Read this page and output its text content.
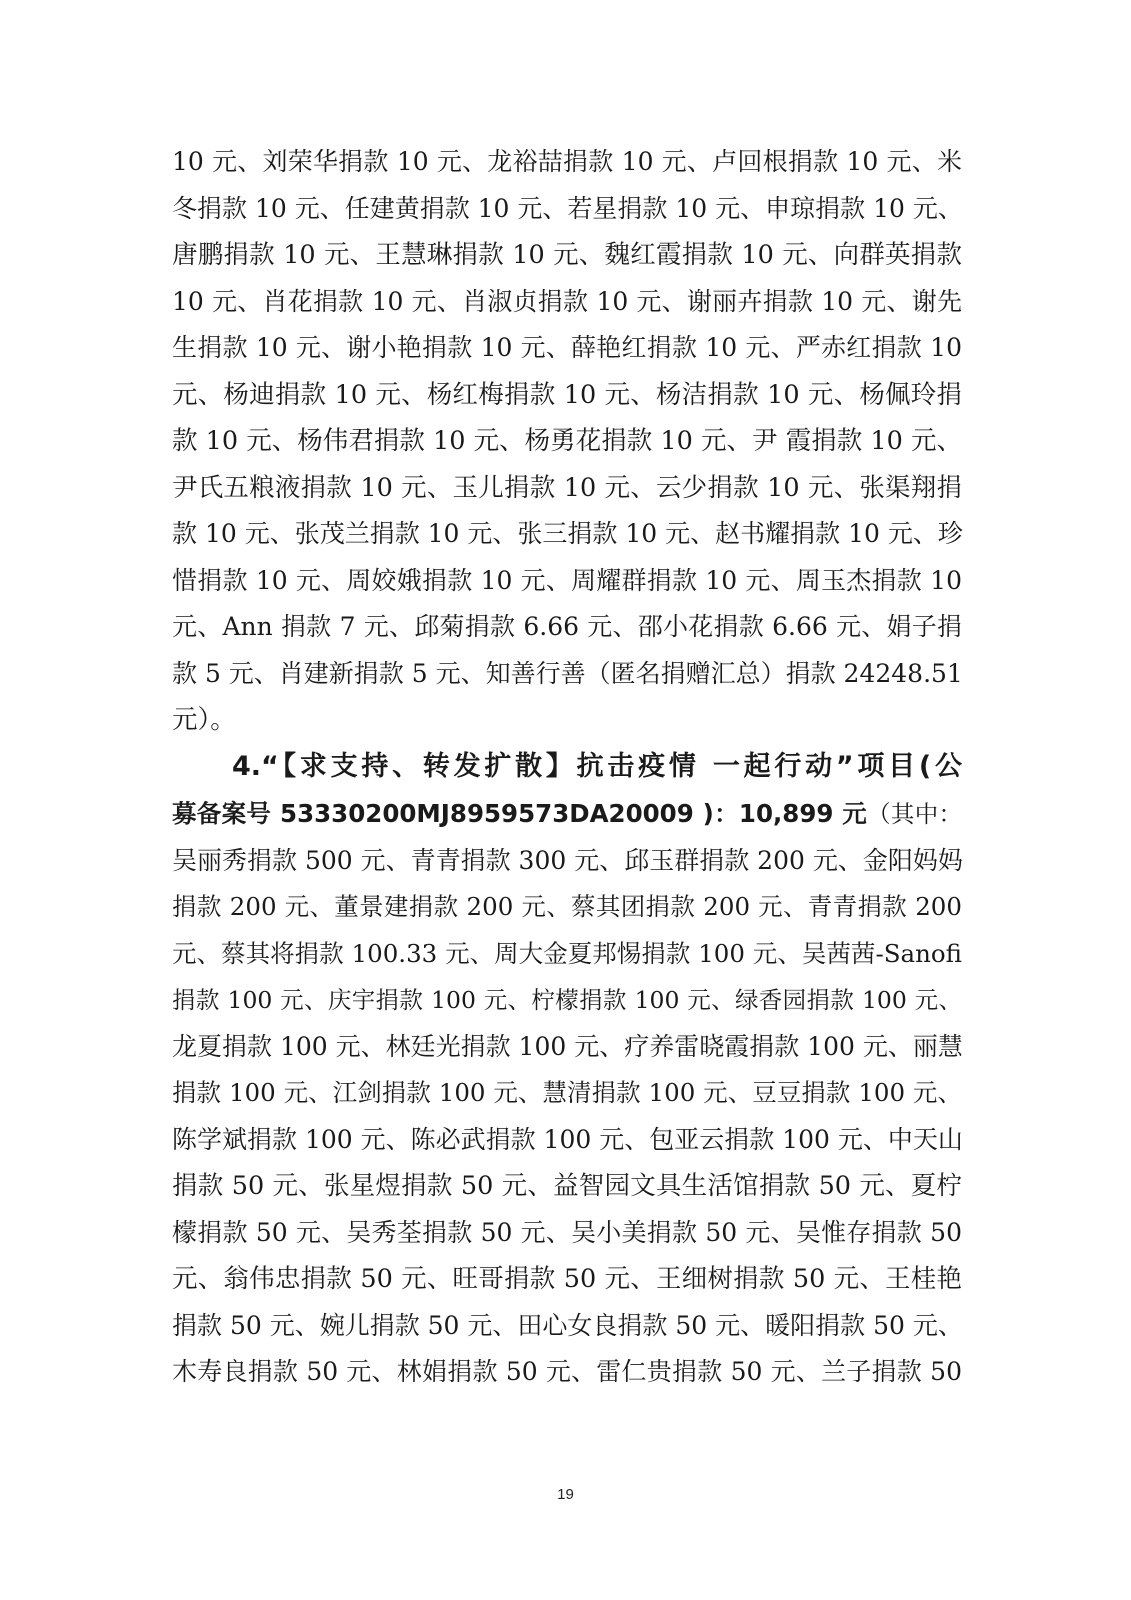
10 元、刘荣华捐款 10 元、龙裕喆捐款 10 元、卢回根捐款 10 元、米
冬捐款 10 元、任建黄捐款 10 元、若星捐款 10 元、申琼捐款 10 元、
唐鹏捐款 10 元、王慧琳捐款 10 元、魏红霞捐款 10 元、向群英捐款
10 元、肖花捐款 10 元、肖淑贞捐款 10 元、谢丽卉捐款 10 元、谢先
生捐款 10 元、谢小艳捐款 10 元、薛艳红捐款 10 元、严赤红捐款 10
元、杨迪捐款 10 元、杨红梅捐款 10 元、杨洁捐款 10 元、杨佩玲捐
款 10 元、杨伟君捐款 10 元、杨勇花捐款 10 元、尹 霞捐款 10 元、
尹氏五粮液捐款 10 元、玉儿捐款 10 元、云少捐款 10 元、张渠翔捐
款 10 元、张茂兰捐款 10 元、张三捐款 10 元、赵书耀捐款 10 元、珍
惜捐款 10 元、周姣娥捐款 10 元、周耀群捐款 10 元、周玉杰捐款 10
元、Ann 捐款 7 元、邱菊捐款 6.66 元、邵小花捐款 6.66 元、娟子捐
款 5 元、肖建新捐款 5 元、知善行善（匿名捐赠汇总）捐款 24248.51
元）。
4.“【求支持、转发扩散】抗击疫情 一起行动”项目(公
募备案号 53330200MJ8959573DA20009 )：10,899 元（其中：
吴丽秀捐款 500 元、青青捐款 300 元、邱玉群捐款 200 元、金阳妈妈
捐款 200 元、董景建捐款 200 元、蔡其团捐款 200 元、青青捐款 200
元、蔡其将捐款 100.33 元、周大金夏邦惕捐款 100 元、吴茜茜-Sanofi
捐款 100 元、庆宇捐款 100 元、柠檬捐款 100 元、绿香园捐款 100 元、
龙夏捐款 100 元、林廷光捐款 100 元、疗养雷晓霞捐款 100 元、丽慧
捐款 100 元、江剑捐款 100 元、慧清捐款 100 元、豆豆捐款 100 元、
陈学斌捐款 100 元、陈必武捐款 100 元、包亚云捐款 100 元、中天山
捐款 50 元、张星煜捐款 50 元、益智园文具生活馆捐款 50 元、夏柠
檬捐款 50 元、吴秀荃捐款 50 元、吴小美捐款 50 元、吴惟存捐款 50
元、翁伟忠捐款 50 元、旺哥捐款 50 元、王细树捐款 50 元、王桂艳
捐款 50 元、婉儿捐款 50 元、田心女良捐款 50 元、暖阳捐款 50 元、
木寿良捐款 50 元、林娟捐款 50 元、雷仁贵捐款 50 元、兰子捐款 50
19
